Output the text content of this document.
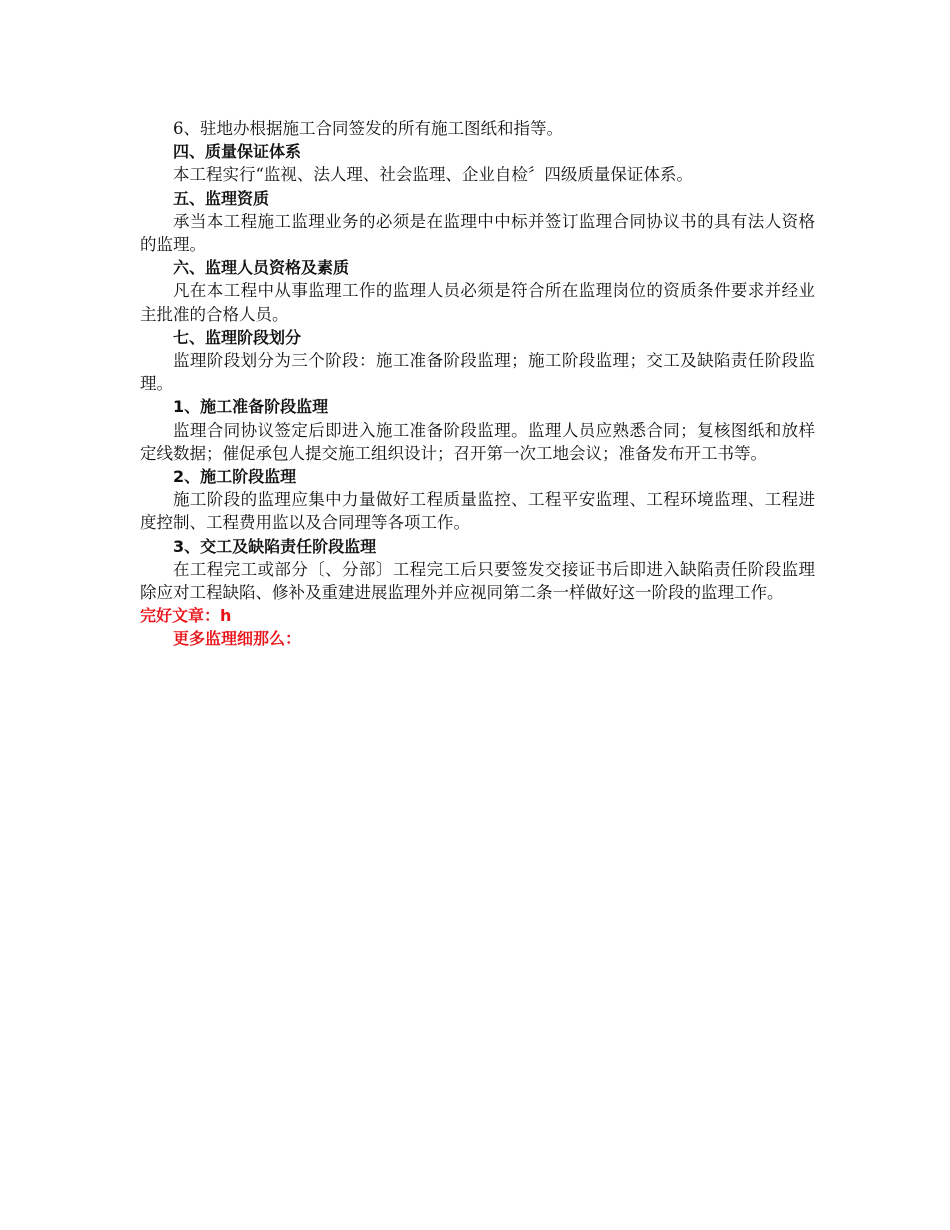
6、驻地办根据施工合同签发的所有施工图纸和指等。

四、质量保证体系

本工程实行“监视、法人理、社会监理、企业自检〞四级质量保证体系。

五、监理资质

承当本工程施工监理业务的必须是在监理中中标并签订监理合同协议书的具有法人资格的监理。

六、监理人员资格及素质

凡在本工程中从事监理工作的监理人员必须是符合所在监理岗位的资质条件要求并经业主批准的合格人员。

七、监理阶段划分

监理阶段划分为三个阶段：施工准备阶段监理；施工阶段监理；交工及缺陷责任阶段监理。

1、施工准备阶段监理

监理合同协议签定后即进入施工准备阶段监理。监理人员应熟悉合同；复核图纸和放样定线数据；催促承包人提交施工组织设计；召开第一次工地会议；准备发布开工书等。

2、施工阶段监理

施工阶段的监理应集中力量做好工程质量监控、工程平安监理、工程环境监理、工程进度控制、工程费用监以及合同理等各项工作。

3、交工及缺陷责任阶段监理

在工程完工或部分〔、分部〕工程完工后只要签发交接证书后即进入缺陷责任阶段监理除应对工程缺陷、修补及重建进展监理外并应视同第二条一样做好这一阶段的监理工作。

完好文章：h

更多监理细那么：
